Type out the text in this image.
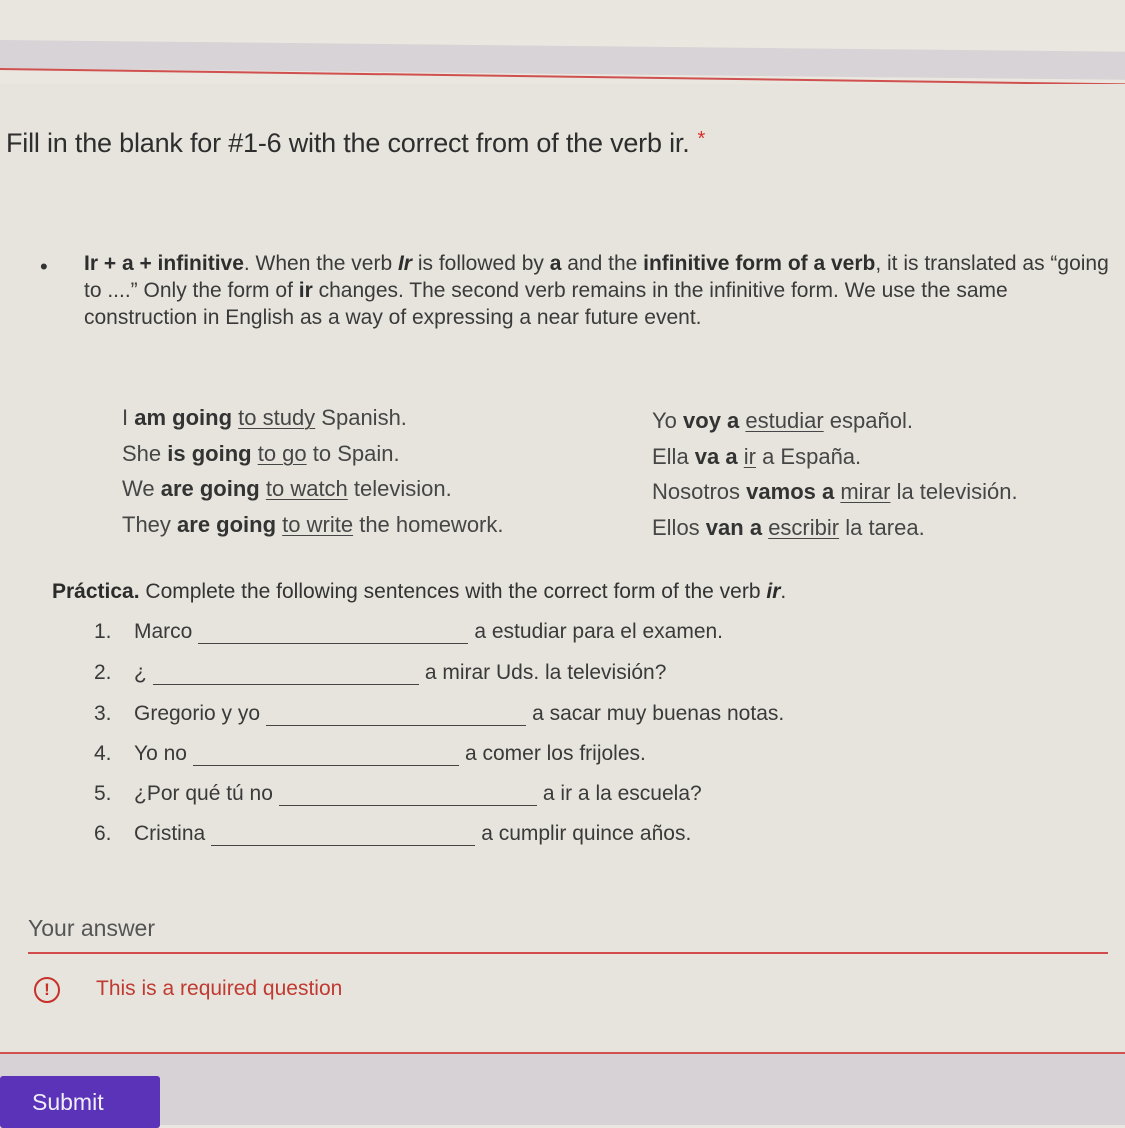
Fill in the blank for #1-6 with the correct from of the verb ir. *
• Ir + a + infinitive. When the verb Ir is followed by a and the infinitive form of a verb, it is translated as “going to ....” Only the form of ir changes. The second verb remains in the infinitive form. We use the same construction in English as a way of expressing a near future event.
I am going to study Spanish.
She is going to go to Spain.
We are going to watch television.
They are going to write the homework.
Yo voy a estudiar español.
Ella va a ir a España.
Nosotros vamos a mirar la televisión.
Ellos van a escribir la tarea.
Práctica. Complete the following sentences with the correct form of the verb ir.
1. Marco	a estudiar para el examen.
2. ¿	a mirar Uds. la televisión?
3. Gregorio y yo	a sacar muy buenas notas.
4. Yo no	a comer los frijoles.
5. ¿Por qué tú no	a ir a la escuela?
6. Cristina	a cumplir quince años.
Your answer
!	This is a required question
Submit
